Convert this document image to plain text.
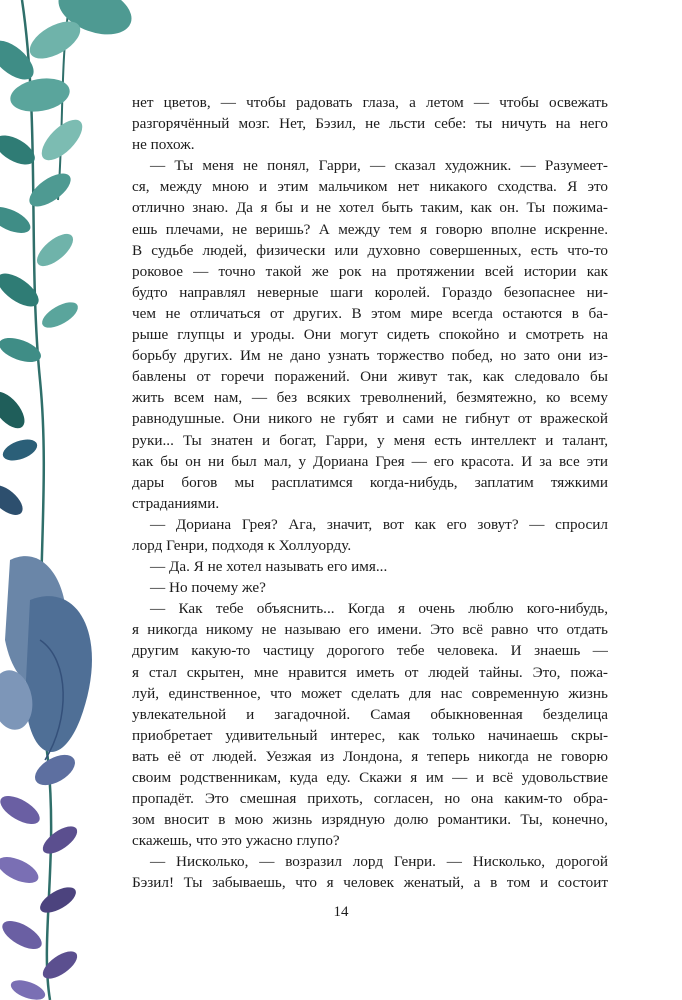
нет цветов, — чтобы радовать глаза, а летом — чтобы освежать
разгорячённый мозг. Нет, Бэзил, не льсти себе: ты ничуть на него
не похож.
— Ты меня не понял, Гарри, — сказал художник. — Разумеет-
ся, между мною и этим мальчиком нет никакого сходства. Я это
отлично знаю. Да я бы и не хотел быть таким, как он. Ты пожима-
ешь плечами, не веришь? А между тем я говорю вполне искренне.
В судьбе людей, физически или духовно совершенных, есть что-то
роковое — точно такой же рок на протяжении всей истории как
будто направлял неверные шаги королей. Гораздо безопаснее ни-
чем не отличаться от других. В этом мире всегда остаются в ба-
рыше глупцы и уроды. Они могут сидеть спокойно и смотреть на
борьбу других. Им не дано узнать торжество побед, но зато они из-
бавлены от горечи поражений. Они живут так, как следовало бы
жить всем нам, — без всяких треволнений, безмятежно, ко всему
равнодушные. Они никого не губят и сами не гибнут от вражеской
руки... Ты знатен и богат, Гарри, у меня есть интеллект и талант,
как бы он ни был мал, у Дориана Грея — его красота. И за все эти
дары богов мы расплатимся когда-нибудь, заплатим тяжкими
страданиями.
— Дориана Грея? Ага, значит, вот как его зовут? — спросил
лорд Генри, подходя к Холлуорду.
— Да. Я не хотел называть его имя...
— Но почему же?
— Как тебе объяснить... Когда я очень люблю кого-нибудь,
я никогда никому не называю его имени. Это всё равно что отдать
другим какую-то частицу дорогого тебе человека. И знаешь —
я стал скрытен, мне нравится иметь от людей тайны. Это, пожа-
луй, единственное, что может сделать для нас современную жизнь
увлекательной и загадочной. Самая обыкновенная безделица
приобретает удивительный интерес, как только начинаешь скры-
вать её от людей. Уезжая из Лондона, я теперь никогда не говорю
своим родственникам, куда еду. Скажи я им — и всё удовольствие
пропадёт. Это смешная прихоть, согласен, но она каким-то обра-
зом вносит в мою жизнь изрядную долю романтики. Ты, конечно,
скажешь, что это ужасно глупо?
— Нисколько, — возразил лорд Генри. — Нисколько, дорогой
Бэзил! Ты забываешь, что я человек женатый, а в том и состоит
14
